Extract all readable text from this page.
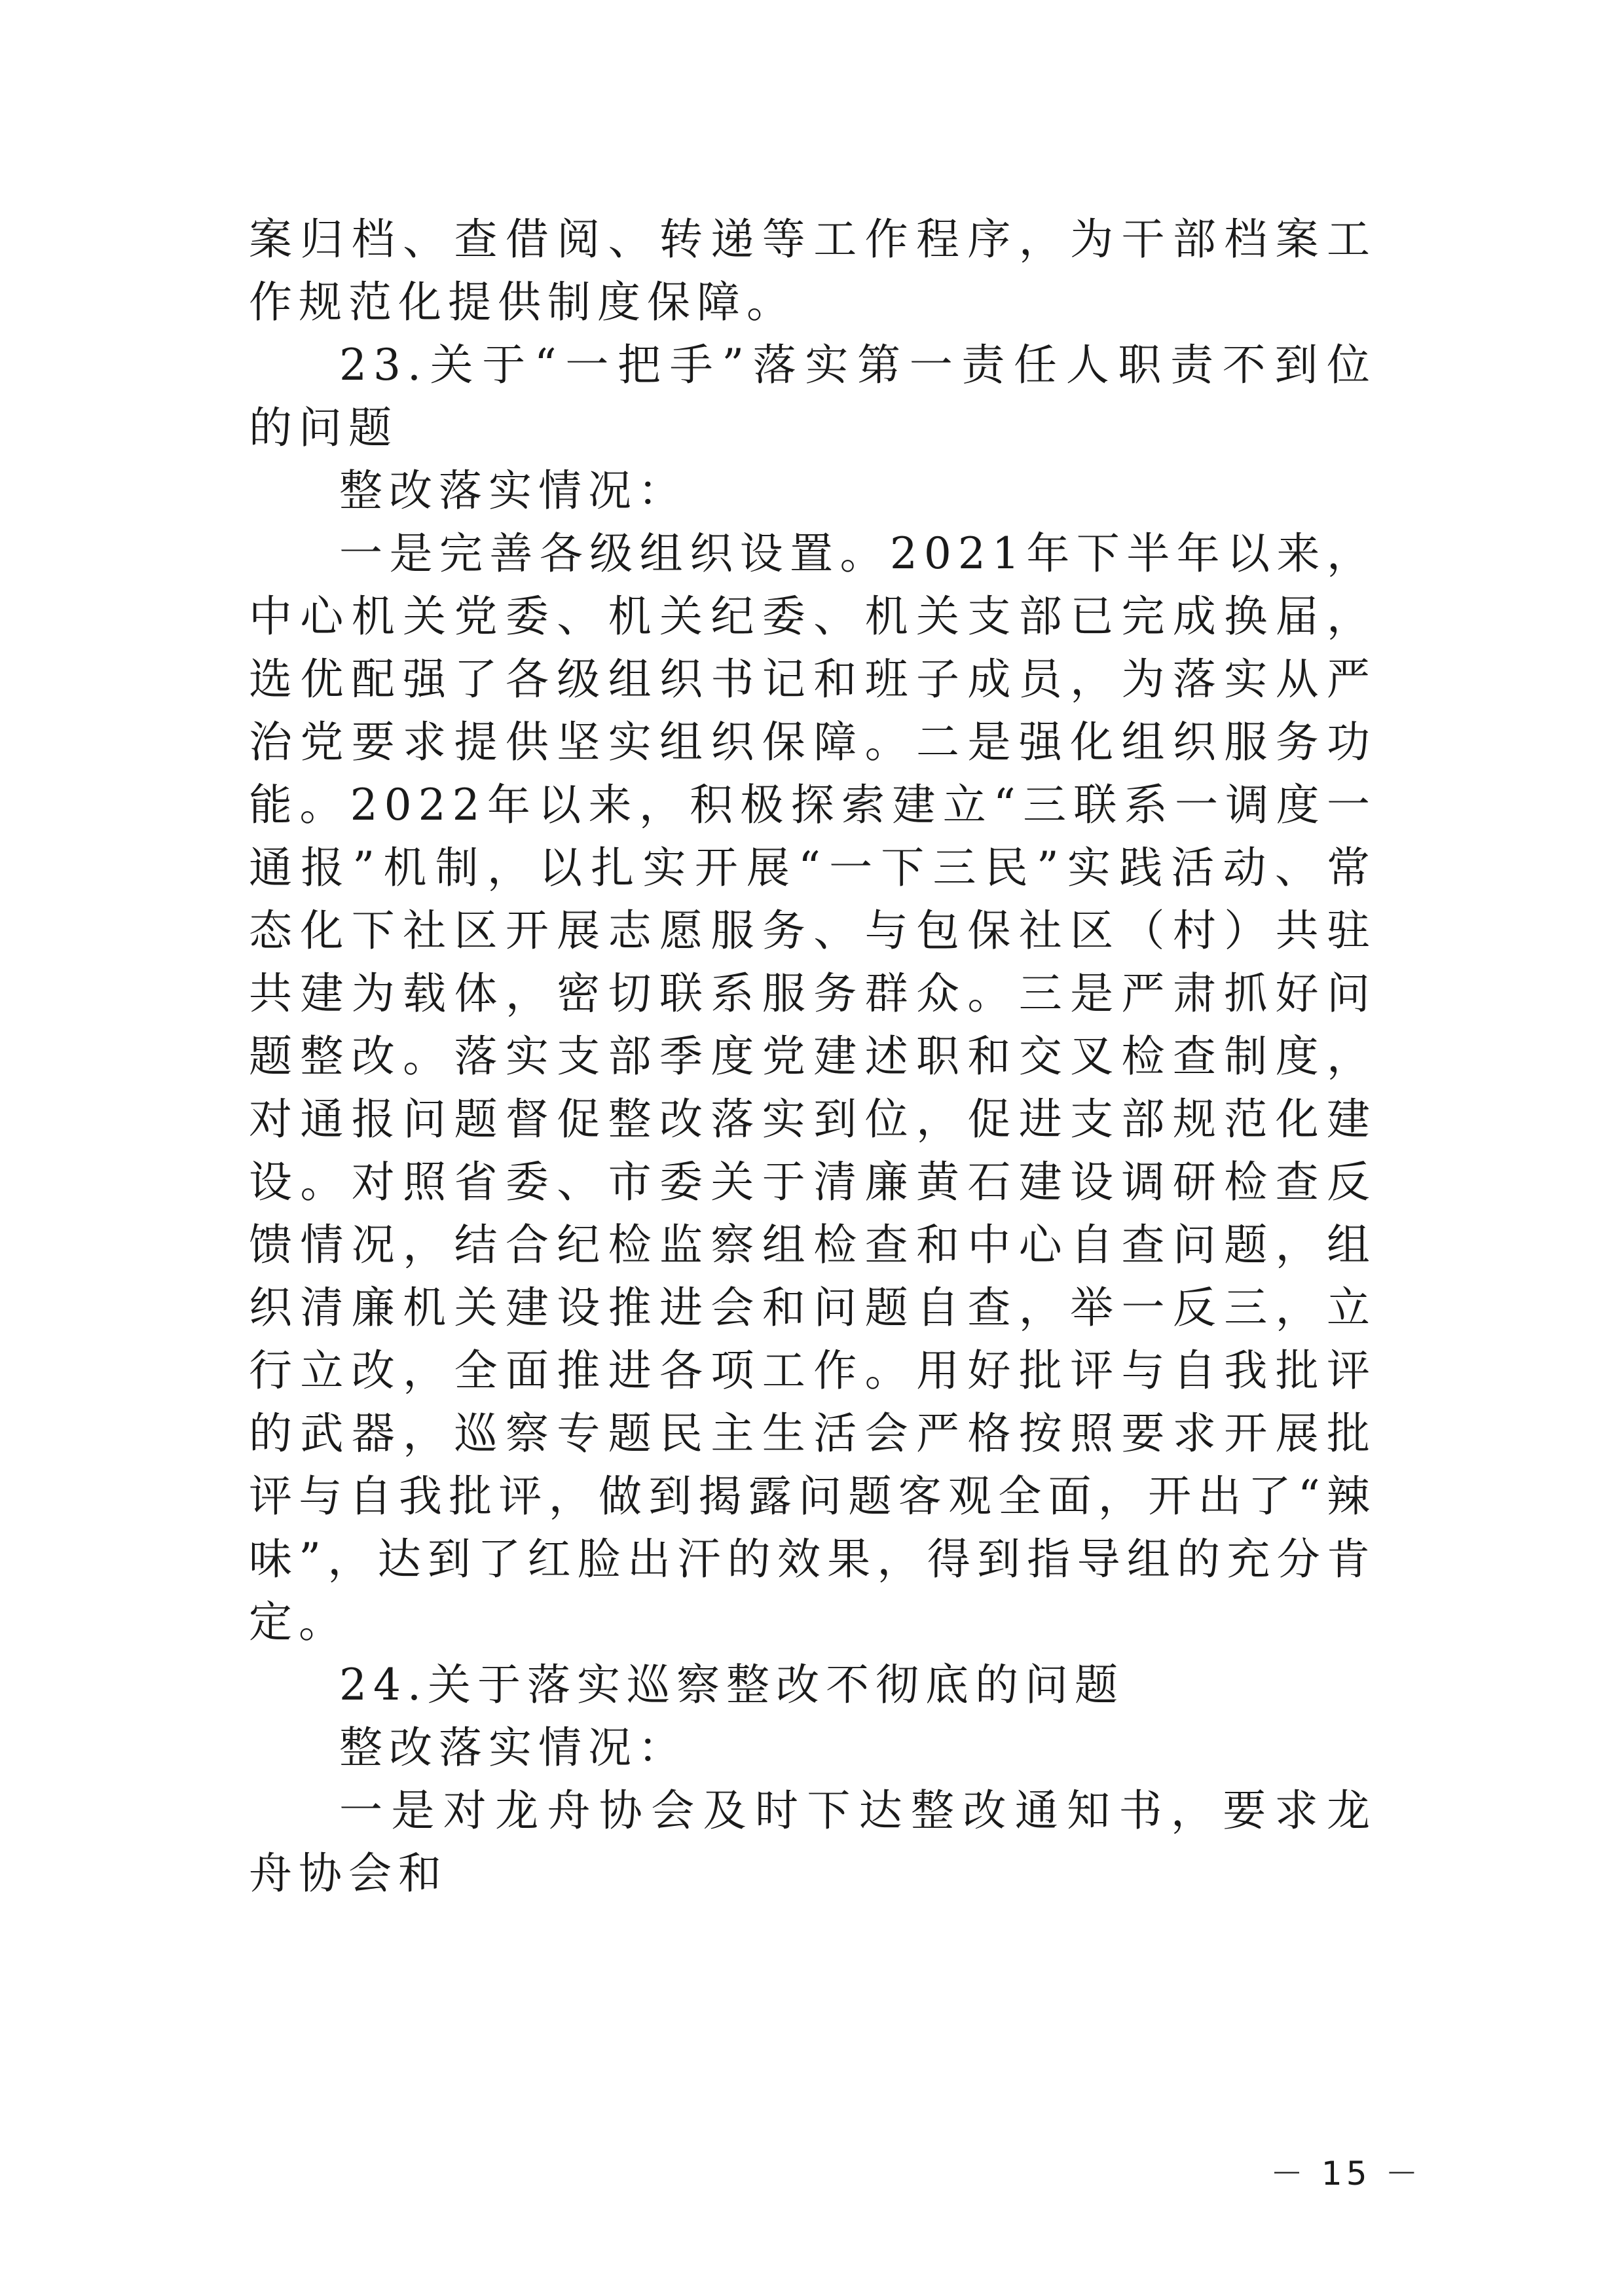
案归档、查借阅、转递等工作程序，为干部档案工作规范化提供制度保障。

23.关于“一把手”落实第一责任人职责不到位的问题

整改落实情况：

一是完善各级组织设置。2021年下半年以来，中心机关党委、机关纪委、机关支部已完成换届，选优配强了各级组织书记和班子成员，为落实从严治党要求提供坚实组织保障。二是强化组织服务功能。2022年以来，积极探索建立“三联系一调度一通报”机制，以扎实开展“一下三民”实践活动、常态化下社区开展志愿服务、与包保社区（村）共驻共建为载体，密切联系服务群众。三是严肃抓好问题整改。落实支部季度党建述职和交叉检查制度，对通报问题督促整改落实到位，促进支部规范化建设。对照省委、市委关于清廉黄石建设调研检查反馈情况，结合纪检监察组检查和中心自查问题，组织清廉机关建设推进会和问题自查，举一反三，立行立改，全面推进各项工作。用好批评与自我批评的武器，巡察专题民主生活会严格按照要求开展批评与自我批评，做到揭露问题客观全面，开出了“辣味”，达到了红脸出汗的效果，得到指导组的充分肯定。

24.关于落实巡察整改不彻底的问题

整改落实情况：

一是对龙舟协会及时下达整改通知书，要求龙舟协会和

－ 15 －
